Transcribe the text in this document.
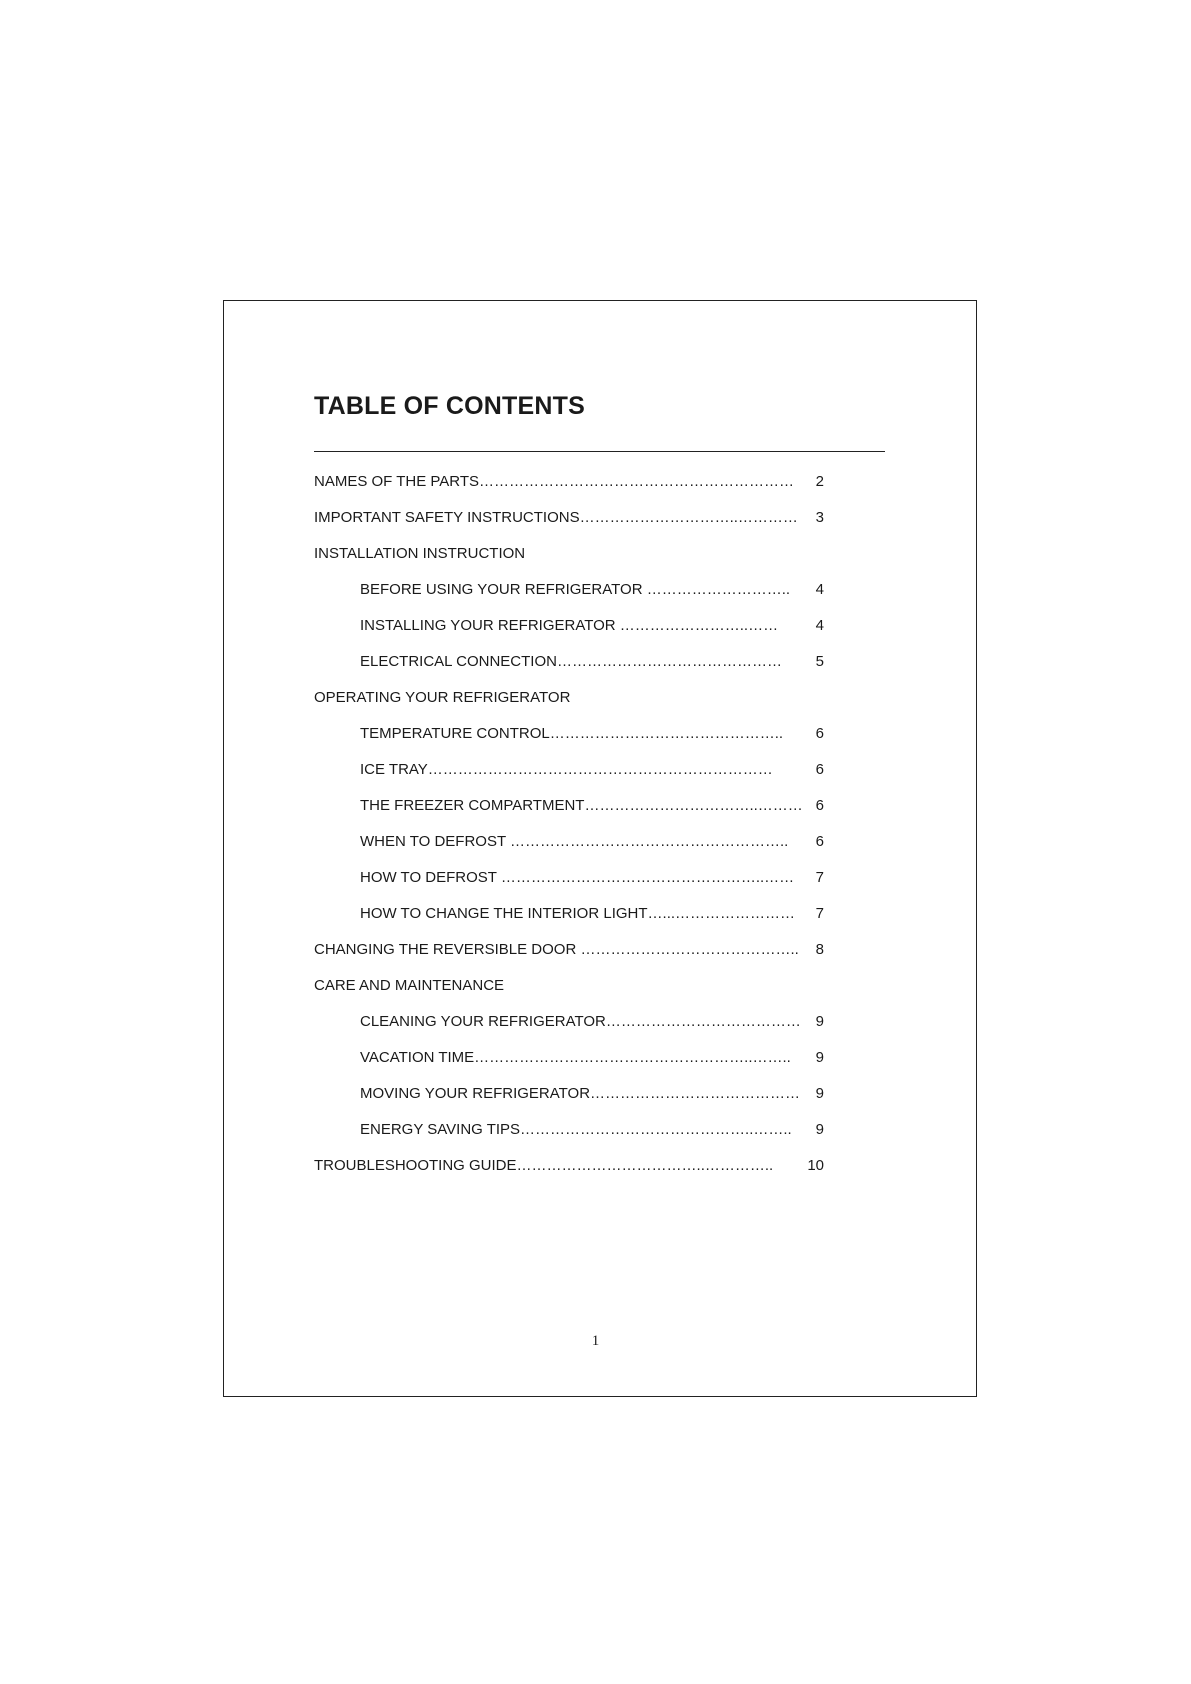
TABLE OF CONTENTS
NAMES OF THE PARTS……………………………………………………… 2
IMPORTANT SAFETY INSTRUCTIONS…………………………..………… 3
INSTALLATION INSTRUCTION
BEFORE USING YOUR REFRIGERATOR ……………………….. 4
INSTALLING YOUR REFRIGERATOR ……………………..……	4
ELECTRICAL CONNECTION……………………………………… 5
OPERATING YOUR REFRIGERATOR
TEMPERATURE CONTROL……………………………………….. 6
ICE TRAY……………………………………………………………	6
THE FREEZER COMPARTMENT……………………………..……… 6
WHEN TO DEFROST ……………………………………………….. 6
HOW TO DEFROST ……………………………………………..…… 7
HOW TO CHANGE THE INTERIOR LIGHT…...…………………… 7
CHANGING THE REVERSIBLE DOOR …………………………………….. 8
CARE AND MAINTENANCE
CLEANING YOUR REFRIGERATOR………………………………… 9
VACATION TIME………………………………………………..…….. 9
MOVING YOUR REFRIGERATOR…………………………………… 9
ENERGY SAVING TIPS………………………………………..…….. 9
TROUBLESHOOTING GUIDE………………………………..………….. 10
1
